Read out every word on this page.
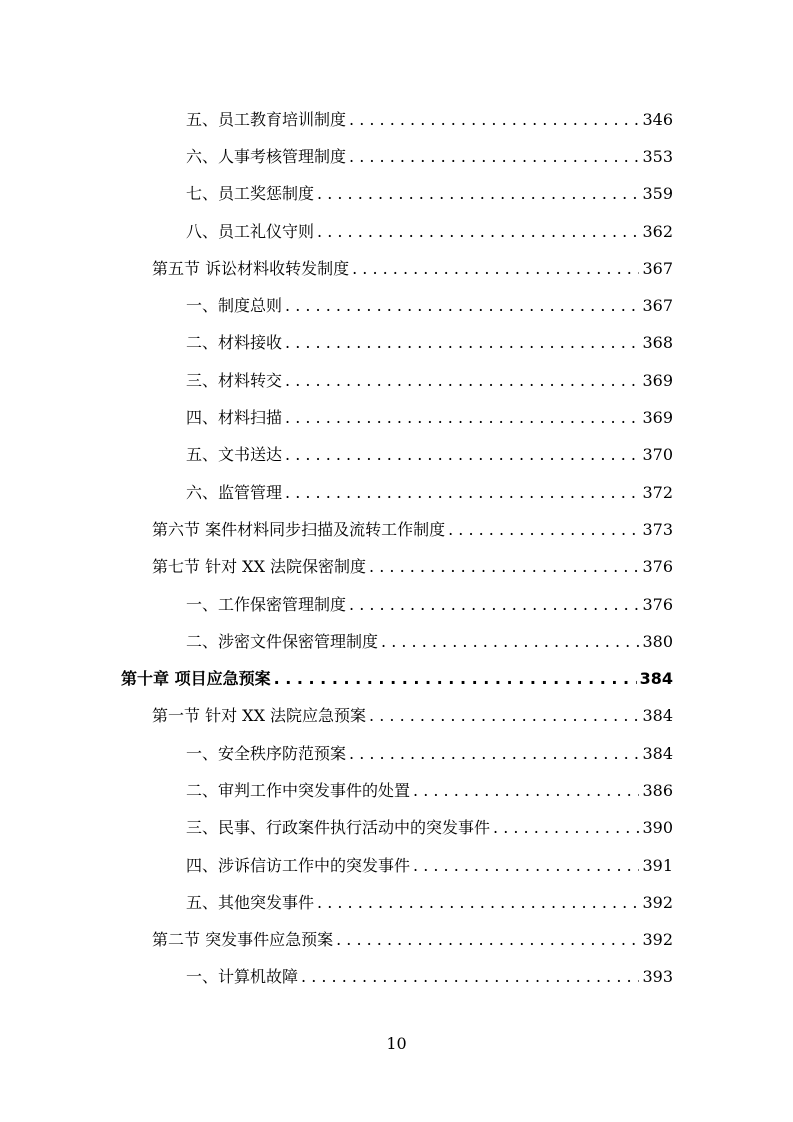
五、员工教育培训制度 . . .	346
六、人事考核管理制度 . . .	353
七、员工奖惩制度 . . .	359
八、员工礼仪守则 . . .	362
第五节 诉讼材料收转发制度 . . .	367
一、制度总则 . . .	367
二、材料接收 . . .	368
三、材料转交 . . .	369
四、材料扫描 . . .	369
五、文书送达 . . .	370
六、监管管理 . . .	372
第六节 案件材料同步扫描及流转工作制度 . . .	373
第七节 针对 XX 法院保密制度 . . .	376
一、工作保密管理制度 . . .	376
二、涉密文件保密管理制度 . . .	380
第十章 项目应急预案 . . .	384
第一节 针对 XX 法院应急预案 . . .	384
一、安全秩序防范预案 . . .	384
二、审判工作中突发事件的处置 . . .	386
三、民事、行政案件执行活动中的突发事件 . . .	390
四、涉诉信访工作中的突发事件 . . .	391
五、其他突发事件 . . .	392
第二节 突发事件应急预案 . . .	392
一、计算机故障 . . .	393
10
